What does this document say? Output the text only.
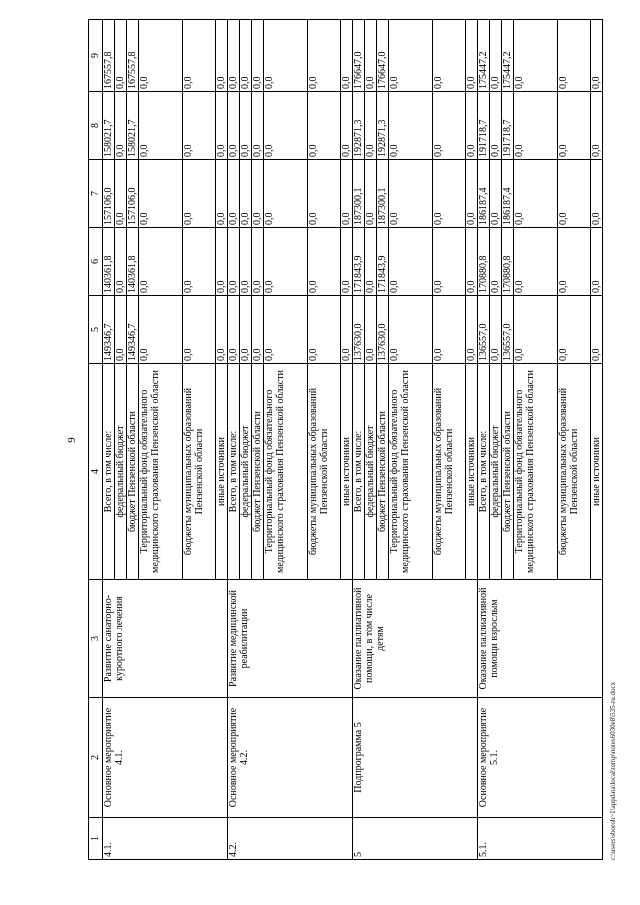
9
1	2	3	4	5	6	7	8	9
4.1.	Основное мероприятие 4.1.	Развитие санаторно-курортного лечения	Всего, в том числе:	149346,7	140361,8	157106,0	158021,7	167557,8
			федеральный бюджет	0,0	0,0	0,0	0,0	0,0
			бюджет Пензенской области	149346,7	140361,8	157106,0	158021,7	167557,8
			Территориальный фонд обязательного медицинского страхования Пензенской области	0,0	0,0	0,0	0,0	0,0
			бюджеты муниципальных образований Пензенской области	0,0	0,0	0,0	0,0	0,0
			иные источники	0,0	0,0	0,0	0,0	0,0
4.2.	Основное мероприятие 4.2.	Развитие медицинской реабилитации	Всего, в том числе:	0,0	0,0	0,0	0,0	0,0
			федеральный бюджет	0,0	0,0	0,0	0,0	0,0
			бюджет Пензенской области	0,0	0,0	0,0	0,0	0,0
			Территориальный фонд обязательного медицинского страхования Пензенской области	0,0	0,0	0,0	0,0	0,0
			бюджеты муниципальных образований Пензенской области	0,0	0,0	0,0	0,0	0,0
			иные источники	0,0	0,0	0,0	0,0	0,0
5	Подпрограмма 5	Оказание паллиативной помощи, в том числе детям	Всего, в том числе:	137630,0	171843,9	187300,1	192871,3	176647,0
			федеральный бюджет	0,0	0,0	0,0	0,0	0,0
			бюджет Пензенской области	137630,0	171843,9	187300,1	192871,3	176647,0
			Территориальный фонд обязательного медицинского страхования Пензенской области	0,0	0,0	0,0	0,0	0,0
			бюджеты муниципальных образований Пензенской области	0,0	0,0	0,0	0,0	0,0
			иные источники	0,0	0,0	0,0	0,0	0,0
5.1.	Основное мероприятие 5.1.	Оказание паллиативной помощи взрослым	Всего, в том числе:	136557,0	170880,8	186187,4	191718,7	175447,2
			федеральный бюджет	0,0	0,0	0,0	0,0	0,0
			бюджет Пензенской области	136557,0	170880,8	186187,4	191718,7	175447,2
			Территориальный фонд обязательного медицинского страхования Пензенской области	0,0	0,0	0,0	0,0	0,0
			бюджеты муниципальных образований Пензенской области	0,0	0,0	0,0	0,0	0,0
			иные источники	0,0	0,0	0,0	0,0	0,0
c:\users\sboroh~1\appdata\local\temp\notes6030e8\535-ru.docx
